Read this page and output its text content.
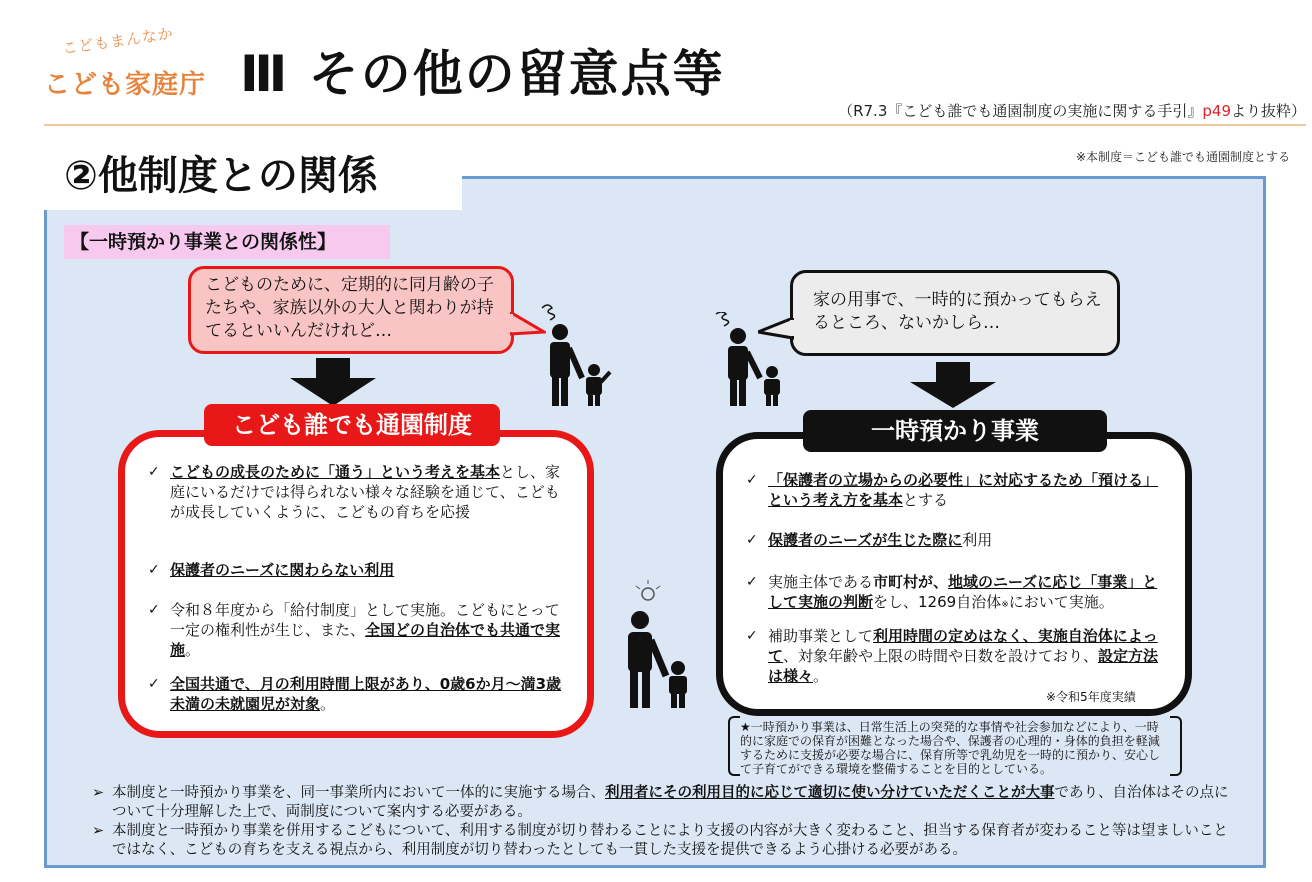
こどもまんなか
こども家庭庁 Ⅲ その他の留意点等
（R7.3『こども誰でも通園制度の実施に関する手引』p49より抜粋）
②他制度との関係	※本制度＝こども誰でも通園制度とする
【一時預かり事業との関係性】
こどものために、定期的に同月齢の子たちや、家族以外の大人と関わりが持てるといいんだけれど…
家の用事で、一時的に預かってもらえるところ、ないかしら…
こども誰でも通園制度
✓ こどもの成長のために「通う」という考えを基本とし、家庭にいるだけでは得られない様々な経験を通じて、こどもが成長していくように、こどもの育ちを応援
✓ 保護者のニーズに関わらない利用
✓ 令和８年度から「給付制度」として実施。こどもにとって一定の権利性が生じ、また、全国どの自治体でも共通で実施。
✓ 全国共通で、月の利用時間上限があり、0歳6か月～満3歳未満の未就園児が対象。
一時預かり事業
✓ 「保護者の立場からの必要性」に対応するため「預ける」という考え方を基本とする
✓ 保護者のニーズが生じた際に利用
✓ 実施主体である市町村が、地域のニーズに応じ「事業」として実施の判断をし、1269自治体※において実施。
✓ 補助事業として利用時間の定めはなく、実施自治体によって、対象年齢や上限の時間や日数を設けており、設定方法は様々。
※令和5年度実績
★一時預かり事業は、日常生活上の突発的な事情や社会参加などにより、一時的に家庭での保育が困難となった場合や、保護者の心理的・身体的負担を軽減するために支援が必要な場合に、保育所等で乳幼児を一時的に預かり、安心して子育てができる環境を整備することを目的としている。
➢ 本制度と一時預かり事業を、同一事業所内において一体的に実施する場合、利用者にその利用目的に応じて適切に使い分けていただくことが大事であり、自治体はその点について十分理解した上で、両制度について案内する必要がある。
➢ 本制度と一時預かり事業を併用するこどもについて、利用する制度が切り替わることにより支援の内容が大きく変わること、担当する保育者が変わること等は望ましいことではなく、こどもの育ちを支える視点から、利用制度が切り替わったとしても一貫した支援を提供できるよう心掛ける必要がある。
